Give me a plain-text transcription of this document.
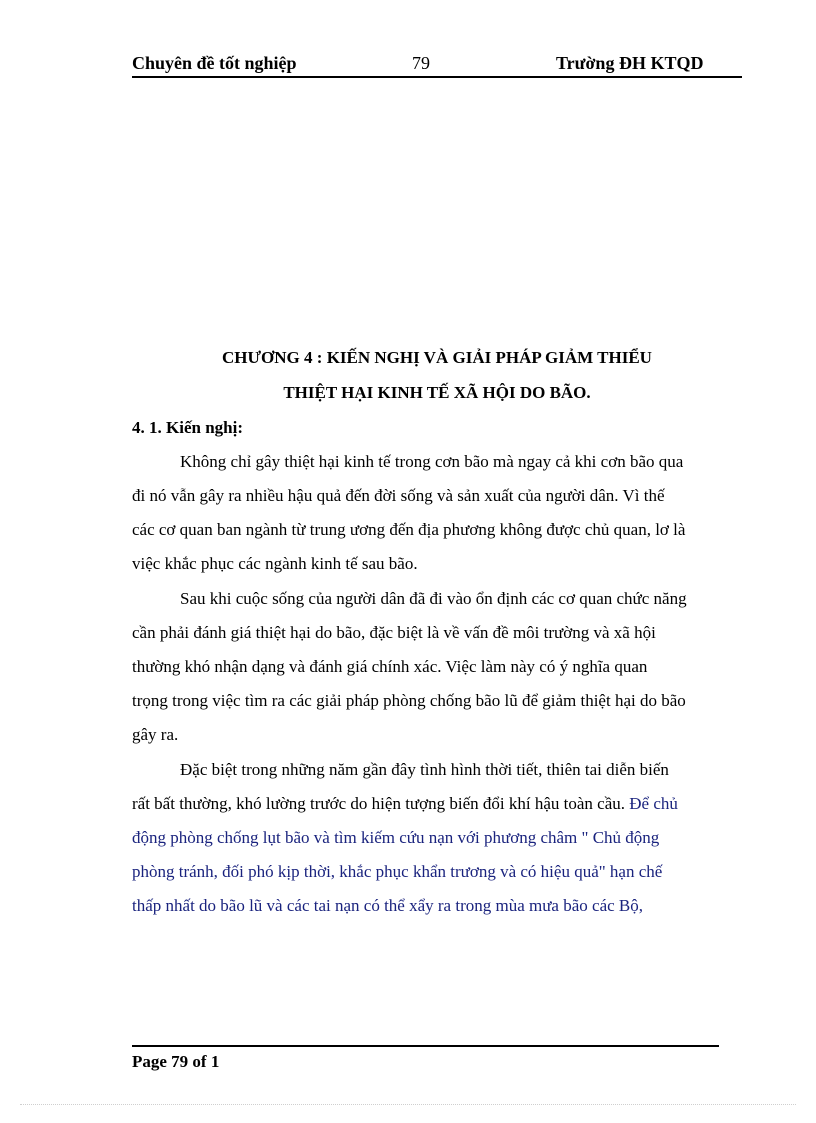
Chuyên đề tốt nghiệp	79	Trường ĐH KTQD
CHƯƠNG 4 : KIẾN NGHỊ VÀ GIẢI PHÁP GIẢM THIỂU
THIỆT HẠI KINH TẾ XÃ HỘI DO BÃO.
4. 1. Kiến nghị:
Không chỉ gây thiệt hại kinh tế trong cơn bão mà ngay cả khi cơn bão qua
đi nó vẫn gây ra nhiều hậu quả đến đời sống và sản xuất của người dân. Vì thế
các cơ quan ban ngành từ trung ương đến địa phương không được chủ quan, lơ là
việc khắc phục các ngành kinh tế sau bão.
Sau khi cuộc sống của người dân đã đi vào ổn định các cơ quan chức năng
cần phải đánh giá thiệt hại do bão, đặc biệt là về vấn đề môi trường và xã hội
thường khó nhận dạng và đánh giá chính xác. Việc làm này có ý nghĩa quan
trọng trong việc tìm ra các giải pháp phòng chống bão lũ để giảm thiệt hại do bão
gây ra.
Đặc biệt trong những năm gần đây tình hình thời tiết, thiên tai diễn biến
rất bất thường, khó lường trước do hiện tượng biến đổi khí hậu toàn cầu. Để chủ
động phòng chống lụt bão và tìm kiếm cứu nạn với phương châm " Chủ động
phòng tránh, đối phó kịp thời, khắc phục khẩn trương và có hiệu quả" hạn chế
thấp nhất do bão lũ và các tai nạn có thể xẩy ra trong mùa mưa bão các Bộ,
Page 79 of 1
